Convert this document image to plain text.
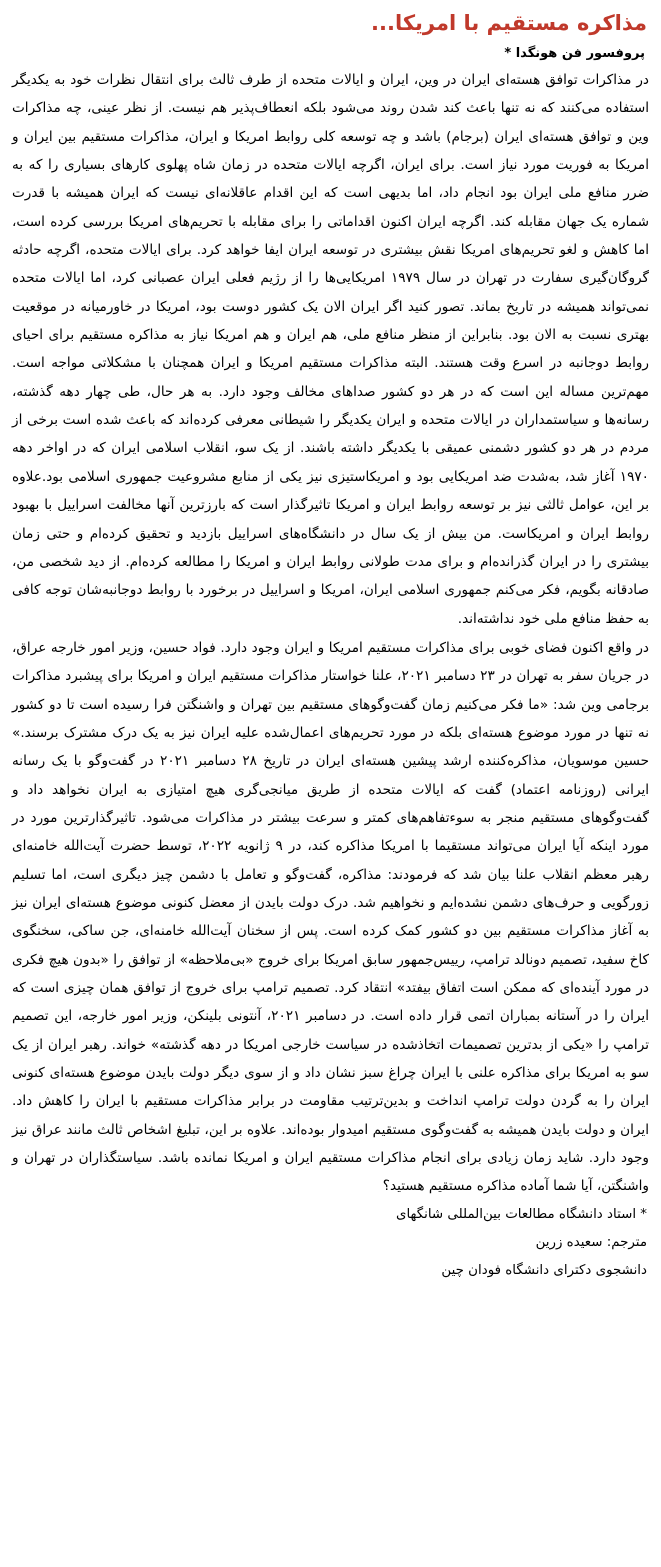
مذاکره مستقیم با امریکا...
پروفسور فن هونگدا *

در مذاکرات توافق هسته‌ای ایران در وین، ایران و ایالات متحده از طرف ثالث برای انتقال نظرات خود به یکدیگر استفاده می‌کنند که نه تنها باعث کند شدن روند می‌شود بلکه انعطاف‌پذیر هم نیست. از نظر عینی، چه مذاکرات وین و توافق هسته‌ای ایران (برجام) باشد و چه توسعه کلی روابط امریکا و ایران، مذاکرات مستقیم بین ایران و امریکا به فوریت مورد نیاز است. برای ایران، اگرچه ایالات متحده در زمان شاه پهلوی کارهای بسیاری را که به ضرر منافع ملی ایران بود انجام داد، اما بدیهی است که این اقدام عاقلانه‌ای نیست که ایران همیشه با قدرت شماره یک جهان مقابله کند. اگرچه ایران اکنون اقداماتی را برای مقابله با تحریم‌های امریکا بررسی کرده است، اما کاهش و لغو تحریم‌های امریکا نقش بیشتری در توسعه ایران ایفا خواهد کرد. برای ایالات متحده، اگرچه حادثه گروگان‌گیری سفارت در تهران در سال ۱۹۷۹ امریکایی‌ها را از رژیم فعلی ایران عصبانی کرد، اما ایالات متحده نمی‌تواند همیشه در تاریخ بماند. تصور کنید اگر ایران الان یک کشور دوست بود، امریکا در خاورمیانه در موقعیت بهتری نسبت به الان بود. بنابراین از منظر منافع ملی، هم ایران و هم امریکا نیاز به مذاکره مستقیم برای احیای روابط دوجانبه در اسرع وقت هستند. البته مذاکرات مستقیم امریکا و ایران همچنان با مشکلاتی مواجه است. مهم‌ترین مساله این است که در هر دو کشور صداهای مخالف وجود دارد. به هر حال، طی چهار دهه گذشته، رسانه‌ها و سیاستمداران در ایالات متحده و ایران یکدیگر را شیطانی معرفی کرده‌اند که باعث شده است برخی از مردم در هر دو کشور دشمنی عمیقی با یکدیگر داشته باشند. از یک سو، انقلاب اسلامی ایران که در اواخر دهه ۱۹۷۰ آغاز شد، به‌شدت ضد امریکایی بود و امریکاستیزی نیز یکی از منابع مشروعیت جمهوری اسلامی بود.علاوه بر این، عوامل ثالثی نیز بر توسعه روابط ایران و امریکا تاثیرگذار است که بارزترین آنها مخالفت اسراییل با بهبود روابط ایران و امریکاست. من بیش از یک سال در دانشگاه‌های اسراییل بازدید و تحقیق کرده‌ام و حتی زمان بیشتری را در ایران گذرانده‌ام و برای مدت طولانی روابط ایران و امریکا را مطالعه کرده‌ام. از دید شخصی من، صادقانه بگویم، فکر می‌کنم جمهوری اسلامی ایران، امریکا و اسراییل در برخورد با روابط دوجانبه‌شان توجه کافی به حفظ منافع ملی خود نداشته‌اند.

در واقع اکنون فضای خوبی برای مذاکرات مستقیم امریکا و ایران وجود دارد. فواد حسین، وزیر امور خارجه عراق، در جریان سفر به تهران در ۲۳ دسامبر ۲۰۲۱، علنا خواستار مذاکرات مستقیم ایران و امریکا برای پیشبرد مذاکرات برجامی وین شد: «ما فکر می‌کنیم زمان گفت‌وگوهای مستقیم بین تهران و واشنگتن فرا رسیده است تا دو کشور نه تنها در مورد موضوع هسته‌ای بلکه در مورد تحریم‌های اعمال‌شده علیه ایران نیز به یک درک مشترک برسند.» حسین موسویان، مذاکره‌کننده ارشد پیشین هسته‌ای ایران در تاریخ ۲۸ دسامبر ۲۰۲۱ در گفت‌وگو با یک رسانه ایرانی (روزنامه اعتماد) گفت که ایالات متحده از طریق میانجی‌گری هیچ امتیازی به ایران نخواهد داد و گفت‌وگوهای مستقیم منجر به سوءتفاهم‌های کمتر و سرعت بیشتر در مذاکرات می‌شود. تاثیرگذارترین مورد در مورد اینکه آیا ایران می‌تواند مستقیما با امریکا مذاکره کند، در ۹ ژانویه ۲۰۲۲، توسط حضرت آیت‌الله خامنه‌ای رهبر معظم انقلاب علنا بیان شد که فرمودند: مذاکره، گفت‌وگو و تعامل با دشمن چیز دیگری است، اما تسلیم زورگویی و حرف‌های دشمن نشده‌ایم و نخواهیم شد. درک دولت بایدن از معضل کنونی موضوع هسته‌ای ایران نیز به آغاز مذاکرات مستقیم بین دو کشور کمک کرده است. پس از سخنان آیت‌الله خامنه‌ای، جن ساکی، سخنگوی کاخ سفید، تصمیم دونالد ترامپ، رییس‌جمهور سابق امریکا برای خروج «بی‌ملاحظه» از توافق را «بدون هیچ فکری در مورد آینده‌ای که ممکن است اتفاق بیفتد» انتقاد کرد. تصمیم ترامپ برای خروج از توافق همان چیزی است که ایران را در آستانه بمباران اتمی قرار داده است. در دسامبر ۲۰۲۱، آنتونی بلینکن، وزیر امور خارجه، این تصمیم ترامپ را «یکی از بدترین تصمیمات اتخاذشده در سیاست خارجی امریکا در دهه گذشته» خواند. رهبر ایران از یک سو به امریکا برای مذاکره علنی با ایران چراغ سبز نشان داد و از سوی دیگر دولت بایدن موضوع هسته‌ای کنونی ایران را به گردن دولت ترامپ انداخت و بدین‌ترتیب مقاومت در برابر مذاکرات مستقیم با ایران را کاهش داد. ایران و دولت بایدن همیشه به گفت‌وگوی مستقیم امیدوار بوده‌اند. علاوه بر این، تبلیغ اشخاص ثالث مانند عراق نیز وجود دارد. شاید زمان زیادی برای انجام مذاکرات مستقیم ایران و امریکا نمانده باشد. سیاستگذاران در تهران و واشنگتن، آیا شما آماده مذاکره مستقیم هستید؟

* استاد دانشگاه مطالعات بین‌المللی شانگهای
مترجم: سعیده زرین
دانشجوی دکترای دانشگاه فودان چین
